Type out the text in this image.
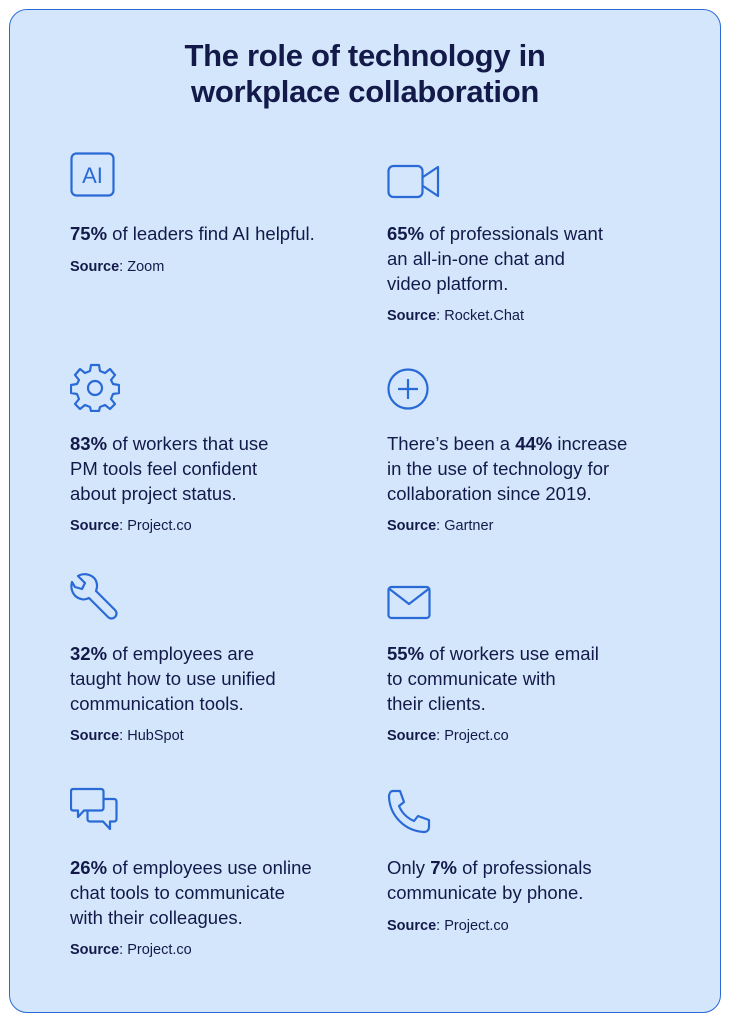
The role of technology in
workplace collaboration
AI
75% of leaders find AI helpful.
Source: Zoom
65% of professionals want
an all-in-one chat and
video platform.
Source: Rocket.Chat
83% of workers that use
PM tools feel confident
about project status.
Source: Project.co
There’s been a 44% increase
in the use of technology for
collaboration since 2019.
Source: Gartner
32% of employees are
taught how to use unified
communication tools.
Source: HubSpot
55% of workers use email
to communicate with
their clients.
Source: Project.co
26% of employees use online
chat tools to communicate
with their colleagues.
Source: Project.co
Only 7% of professionals
communicate by phone.
Source: Project.co
